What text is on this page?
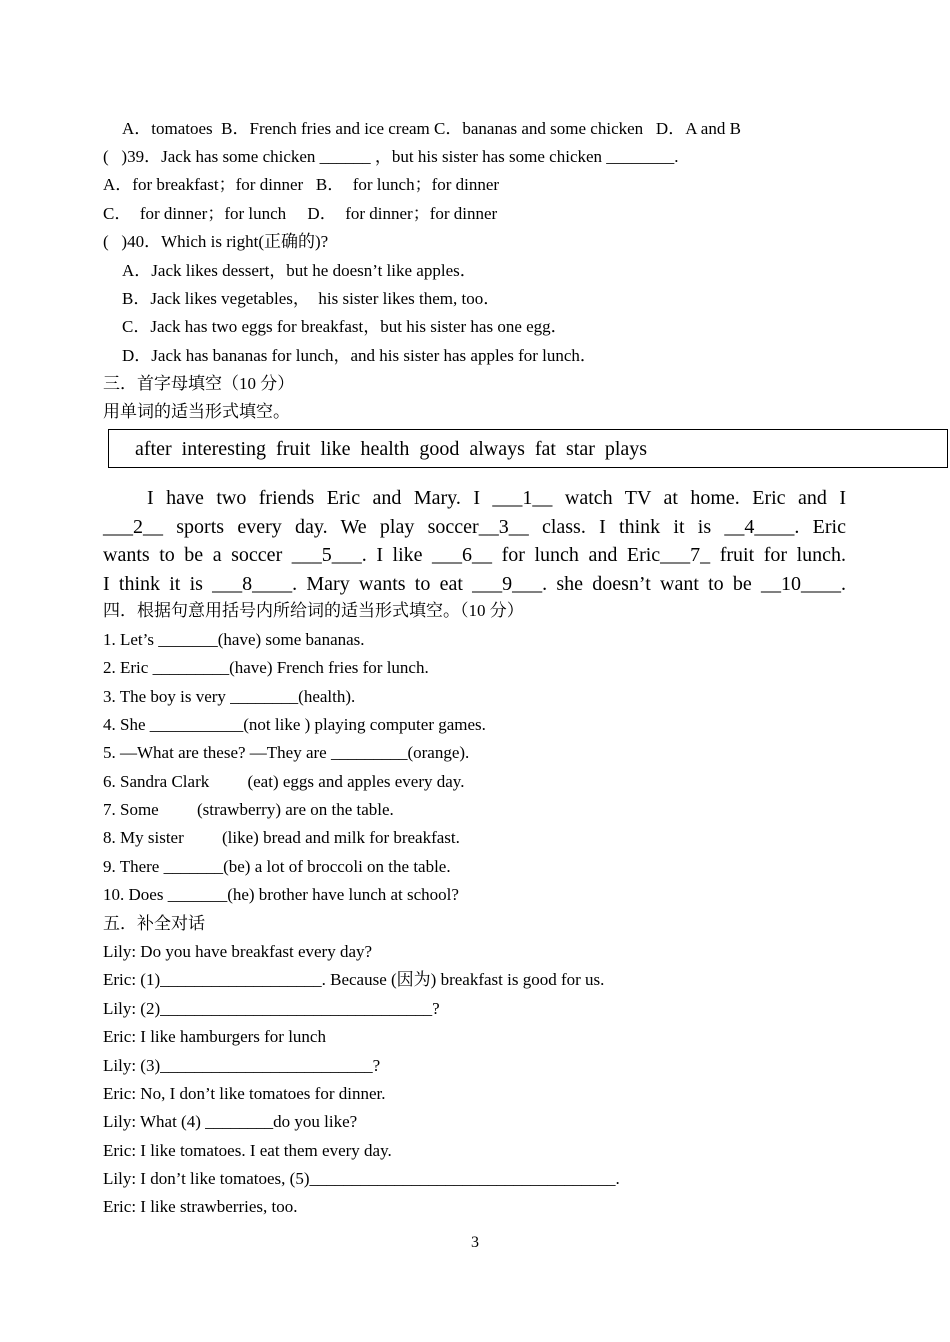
A．tomatoes  B．French fries and ice cream C．bananas and some chicken   D．A and B
(   )39．Jack has some chicken ______ ，but his sister has some chicken ________.
A．for breakfast；for dinner   B．  for lunch；for dinner
C．  for dinner；for lunch     D．  for dinner；for dinner
(   )40．Which is right(正确的)?
A．Jack likes dessert，but he doesn’t like apples．
B．Jack likes vegetables，  his sister likes them, too．
C．Jack has two eggs for breakfast，but his sister has one egg．
D．Jack has bananas for lunch，and his sister has apples for lunch．
三．首字母填空（10 分）
用单词的适当形式填空。
after  interesting  fruit  like  health  good  always  fat  star  plays
I have two friends Eric and Mary. I ___1__ watch TV at home. Eric and I
___2__ sports every day. We play soccer__3__ class. I think it is __4____. Eric
wants to be a soccer ___5___. I like ___6__ for lunch and Eric___7_ fruit for lunch.
I think it is ___8____. Mary wants to eat ___9___. she doesn’t want to be __10____.
四．根据句意用括号内所给词的适当形式填空。（10 分）
1. Let’s _______(have) some bananas.
2. Eric _________(have) French fries for lunch.
3. The boy is very ________(health).
4. She ___________(not like ) playing computer games.
5. —What are these? —They are _________(orange).
6. Sandra Clark         (eat) eggs and apples every day.
7. Some         (strawberry) are on the table.
8. My sister         (like) bread and milk for breakfast.
9. There _______(be) a lot of broccoli on the table.
10. Does _______(he) brother have lunch at school?
五．补全对话
Lily: Do you have breakfast every day?
Eric: (1)___________________. Because (因为) breakfast is good for us.
Lily: (2)________________________________?
Eric: I like hamburgers for lunch
Lily: (3)_________________________?
Eric: No, I don’t like tomatoes for dinner.
Lily: What (4) ________do you like?
Eric: I like tomatoes. I eat them every day.
Lily: I don’t like tomatoes, (5)____________________________________.
Eric: I like strawberries, too.
3
